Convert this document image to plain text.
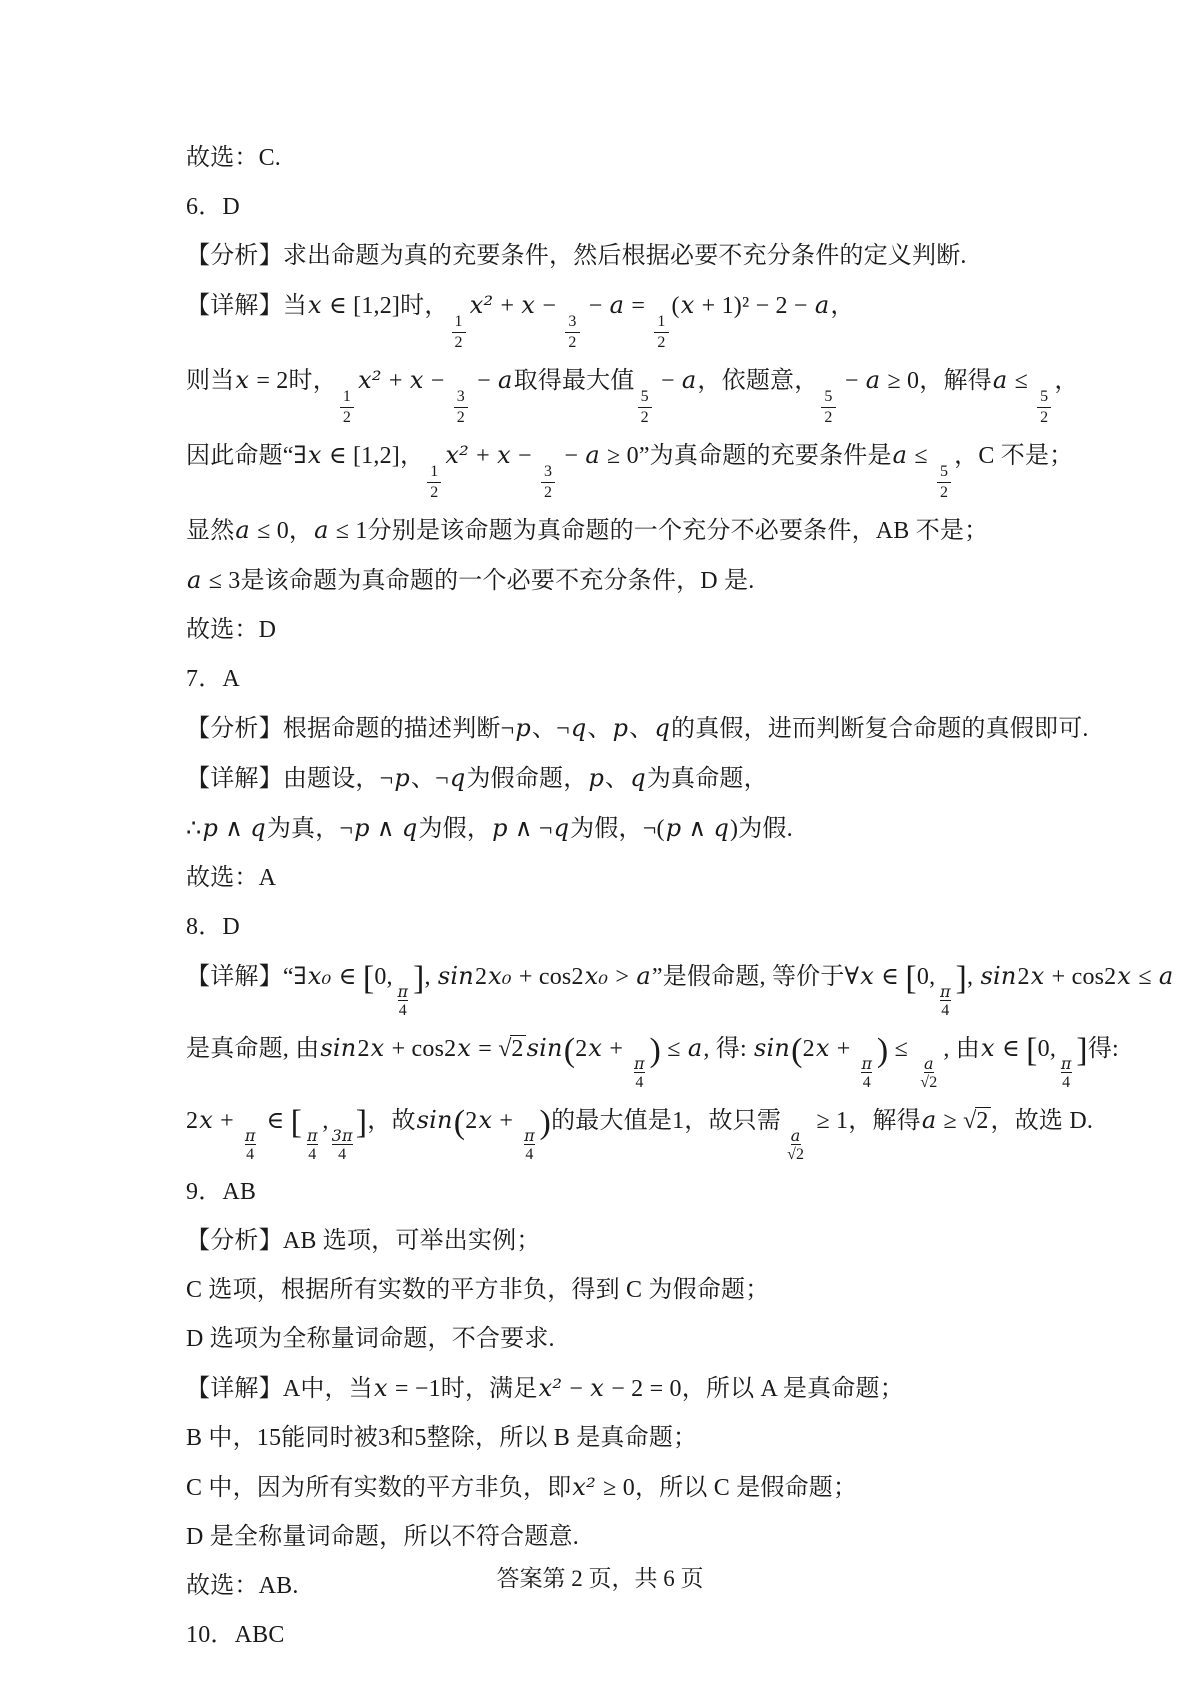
故选：C.
6．D
【分析】求出命题为真的充要条件，然后根据必要不充分条件的定义判断.
【详解】当x ∈ [1,2]时，
$\frac{1}{2}$
x² + x −
$\frac{3}{2}$
− a =
$\frac{1}{2}$
(x + 1)² − 2 − a，
则当x = 2时，
$\frac{1}{2}$
x² + x −
$\frac{3}{2}$
− a取得最大值
$\frac{5}{2}$
− a，依题意，
$\frac{5}{2}$
− a ≥ 0，解得a ≤
$\frac{5}{2}$
，
因此命题“∃x ∈ [1,2]，
$\frac{1}{2}$
x² + x −
$\frac{3}{2}$
− a ≥ 0”为真命题的充要条件是a ≤
$\frac{5}{2}$
，C 不是；
显然a ≤ 0，a ≤ 1分别是该命题为真命题的一个充分不必要条件，AB 不是；
a ≤ 3是该命题为真命题的一个必要不充分条件，D 是.
故选：D
7．A
【分析】根据命题的描述判断¬p、¬q、p、q的真假，进而判断复合命题的真假即可.
【详解】由题设，¬p、¬q为假命题，p、q为真命题，
∴p ∧ q为真，¬p ∧ q为假，p ∧ ¬q为假，¬(p ∧ q)为假.
故选：A
8．D
【详解】“∃x₀ ∈ [0,
$\frac{\pi}{4}$
], sin2x₀ + cos2x₀ > a”是假命题, 等价于∀x ∈ [0,
$\frac{\pi}{4}$
], sin2x + cos2x ≤ a
是真命题, 由sin2x + cos2x = √2 sin(2x +
$\frac{\pi}{4}$
) ≤ a, 得: sin(2x +
$\frac{\pi}{4}$
) ≤
$\frac{a}{√2}$
, 由x ∈ [0,
$\frac{\pi}{4}$
]得:
2x +
$\frac{\pi}{4}$
∈ [
$\frac{\pi}{4}$
,
$\frac{3\pi}{4}$
]，故sin(2x +
$\frac{\pi}{4}$
)的最大值是1，故只需
$\frac{a}{√2}$
≥ 1，解得a ≥ √2，故选 D.
9．AB
【分析】AB 选项，可举出实例；
C 选项，根据所有实数的平方非负，得到 C 为假命题；
D 选项为全称量词命题，不合要求.
【详解】A中，当x = −1时，满足x² − x − 2 = 0，所以 A 是真命题；
B 中，15能同时被3和5整除，所以 B 是真命题；
C 中，因为所有实数的平方非负，即x² ≥ 0，所以 C 是假命题；
D 是全称量词命题，所以不符合题意.
故选：AB.
10．ABC
答案第 2 页，共 6 页
